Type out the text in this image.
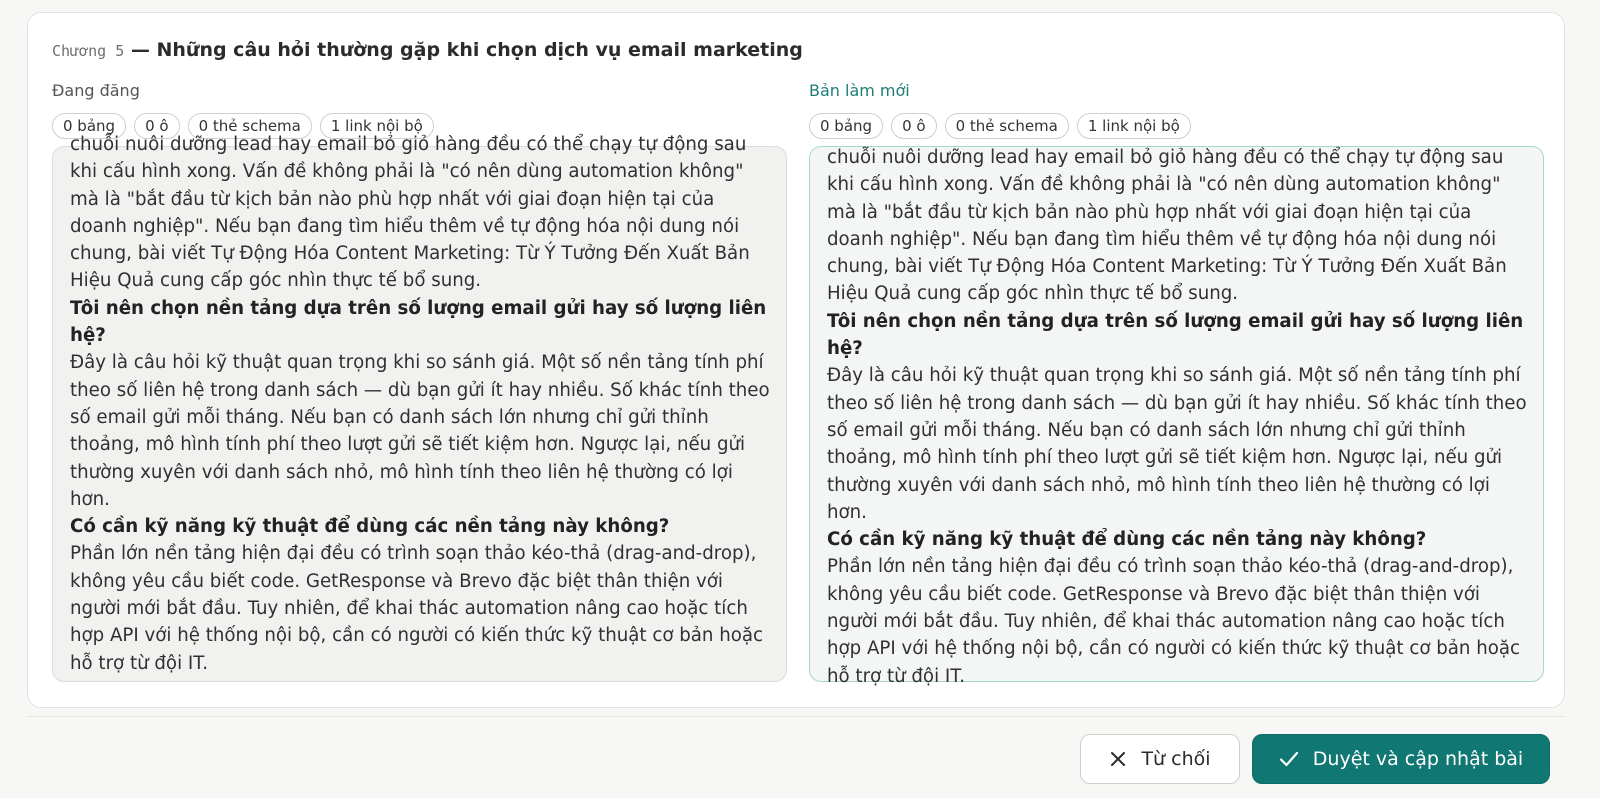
Chương 5 — Những câu hỏi thường gặp khi chọn dịch vụ email marketing
Đang đăng
0 bảng	0 ô	0 thẻ schema	1 link nội bộ

chuỗi nuôi dưỡng lead hay email bỏ giỏ hàng đều có thể chạy tự động sau khi cấu hình xong. Vấn đề không phải là "có nên dùng automation không" mà là "bắt đầu từ kịch bản nào phù hợp nhất với giai đoạn hiện tại của doanh nghiệp". Nếu bạn đang tìm hiểu thêm về tự động hóa nội dung nói chung, bài viết Tự Động Hóa Content Marketing: Từ Ý Tưởng Đến Xuất Bản Hiệu Quả cung cấp góc nhìn thực tế bổ sung.

Tôi nên chọn nền tảng dựa trên số lượng email gửi hay số lượng liên hệ?

Đây là câu hỏi kỹ thuật quan trọng khi so sánh giá. Một số nền tảng tính phí theo số liên hệ trong danh sách — dù bạn gửi ít hay nhiều. Số khác tính theo số email gửi mỗi tháng. Nếu bạn có danh sách lớn nhưng chỉ gửi thỉnh thoảng, mô hình tính phí theo lượt gửi sẽ tiết kiệm hơn. Ngược lại, nếu gửi thường xuyên với danh sách nhỏ, mô hình tính theo liên hệ thường có lợi hơn.

Có cần kỹ năng kỹ thuật để dùng các nền tảng này không?

Phần lớn nền tảng hiện đại đều có trình soạn thảo kéo-thả (drag-and-drop), không yêu cầu biết code. GetResponse và Brevo đặc biệt thân thiện với người mới bắt đầu. Tuy nhiên, để khai thác automation nâng cao hoặc tích hợp API với hệ thống nội bộ, cần có người có kiến thức kỹ thuật cơ bản hoặc hỗ trợ từ đội IT.

Bản làm mới
0 bảng	0 ô	0 thẻ schema	1 link nội bộ

chuỗi nuôi dưỡng lead hay email bỏ giỏ hàng đều có thể chạy tự động sau khi cấu hình xong. Vấn đề không phải là "có nên dùng automation không" mà là "bắt đầu từ kịch bản nào phù hợp nhất với giai đoạn hiện tại của doanh nghiệp". Nếu bạn đang tìm hiểu thêm về tự động hóa nội dung nói chung, bài viết Tự Động Hóa Content Marketing: Từ Ý Tưởng Đến Xuất Bản Hiệu Quả cung cấp góc nhìn thực tế bổ sung.

Tôi nên chọn nền tảng dựa trên số lượng email gửi hay số lượng liên hệ?

Đây là câu hỏi kỹ thuật quan trọng khi so sánh giá. Một số nền tảng tính phí theo số liên hệ trong danh sách — dù bạn gửi ít hay nhiều. Số khác tính theo số email gửi mỗi tháng. Nếu bạn có danh sách lớn nhưng chỉ gửi thỉnh thoảng, mô hình tính phí theo lượt gửi sẽ tiết kiệm hơn. Ngược lại, nếu gửi thường xuyên với danh sách nhỏ, mô hình tính theo liên hệ thường có lợi hơn.

Có cần kỹ năng kỹ thuật để dùng các nền tảng này không?

Phần lớn nền tảng hiện đại đều có trình soạn thảo kéo-thả (drag-and-drop), không yêu cầu biết code. GetResponse và Brevo đặc biệt thân thiện với người mới bắt đầu. Tuy nhiên, để khai thác automation nâng cao hoặc tích hợp API với hệ thống nội bộ, cần có người có kiến thức kỹ thuật cơ bản hoặc hỗ trợ từ đội IT.

Từ chối	Duyệt và cập nhật bài
